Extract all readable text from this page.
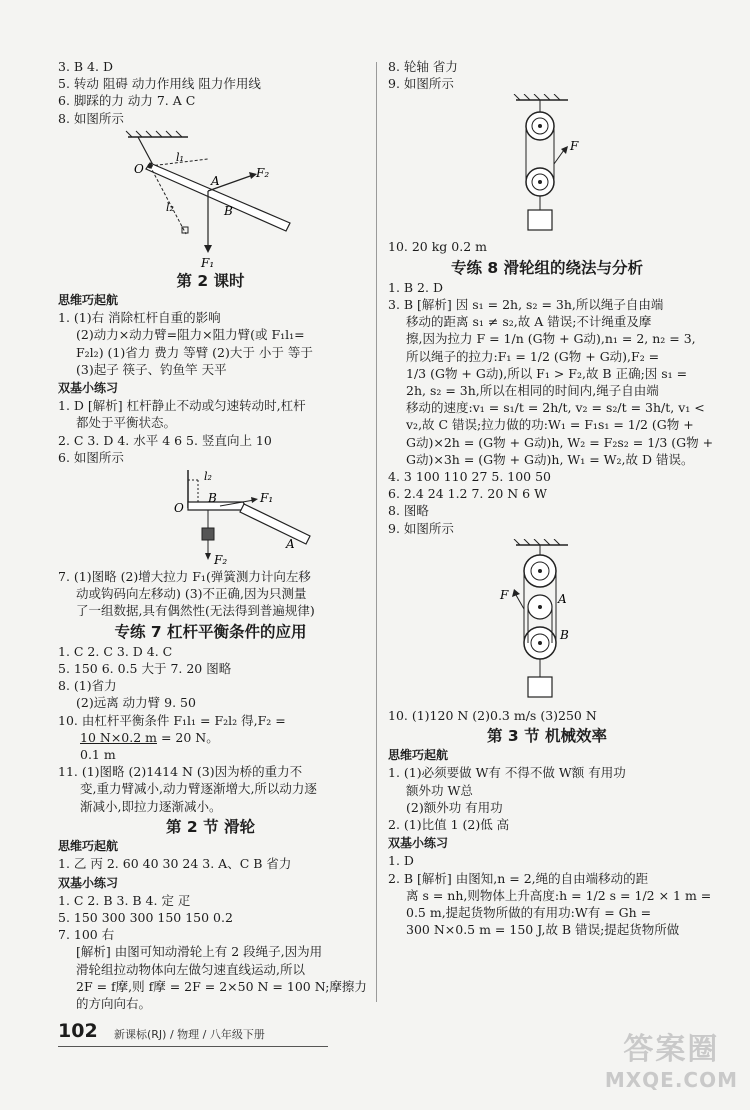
3. B 4. D
5. 转动 阻碍 动力作用线 阻力作用线
6. 脚踩的力 动力 7. A C
8. 如图所示
O
l₁
A
F₂
l₂	B
F₁
第 2 课时
思维巧起航
1. (1)右 消除杠杆自重的影响
(2)动力×动力臂=阻力×阻力臂(或 F₁l₁=
F₂l₂) (1)省力 费力 等臂 (2)大于 小于 等于
(3)起子 筷子、钓鱼竿 天平
双基小练习
1. D [解析] 杠杆静止不动或匀速转动时,杠杆
都处于平衡状态。
2. C 3. D 4. 水平 4 6 5. 竖直向上 10
6. 如图所示
l₂
O
B	F₁
A
F₂
7. (1)图略 (2)增大拉力 F₁(弹簧测力计向左移
动或钩码向左移动) (3)不正确,因为只测量
了一组数据,具有偶然性(无法得到普遍规律)
专练 7 杠杆平衡条件的应用
1. C 2. C 3. D 4. C
5. 150 6. 0.5 大于 7. 20 图略
8. (1)省力
(2)远离 动力臂 9. 50
10. 由杠杆平衡条件 F₁l₁ = F₂l₂ 得,F₂ =
10 N×0.2 m = 20 N。
0.1 m
11. (1)图略 (2)1414 N (3)因为桥的重力不
变,重力臂减小,动力臂逐渐增大,所以动力逐
渐减小,即拉力逐渐减小。
第 2 节 滑轮
思维巧起航
1. 乙 丙 2. 60 40 30 24 3. A、C B 省力
双基小练习
1. C 2. B 3. B 4. 定 疋
5. 150 300 300 150 150 0.2
7. 100 右
[解析] 由图可知动滑轮上有 2 段绳子,因为用
滑轮组拉动物体向左做匀速直线运动,所以
2F = f摩,则 f摩 = 2F = 2×50 N = 100 N;摩擦力
的方向向右。
8. 轮轴 省力
9. 如图所示
F
10. 20 kg 0.2 m
专练 8 滑轮组的绕法与分析
1. B 2. D
3. B [解析] 因 s₁ = 2h, s₂ = 3h,所以绳子自由端
移动的距离 s₁ ≠ s₂,故 A 错误;不计绳重及摩
擦,因为拉力 F = 1/n (G物 + G动),n₁ = 2, n₂ = 3,
所以绳子的拉力:F₁ = 1/2 (G物 + G动),F₂ =
1/3 (G物 + G动),所以 F₁ > F₂,故 B 正确;因 s₁ =
2h, s₂ = 3h,所以在相同的时间内,绳子自由端
移动的速度:v₁ = s₁/t = 2h/t, v₂ = s₂/t = 3h/t, v₁ <
v₂,故 C 错误;拉力做的功:W₁ = F₁s₁ = 1/2 (G物 +
G动)×2h = (G物 + G动)h, W₂ = F₂s₂ = 1/3 (G物 +
G动)×3h = (G物 + G动)h, W₁ = W₂,故 D 错误。
4. 3 100 110 27 5. 100 50
6. 2.4 24 1.2 7. 20 N 6 W
8. 图略
9. 如图所示
F	A
B
10. (1)120 N (2)0.3 m/s (3)250 N
第 3 节 机械效率
思维巧起航
1. (1)必须要做 W有 不得不做 W额 有用功
额外功 W总
(2)额外功 有用功
2. (1)比值 1 (2)低 高
双基小练习
1. D
2. B [解析] 由图知,n = 2,绳的自由端移动的距
离 s = nh,则物体上升高度:h = 1/2 s = 1/2 × 1 m =
0.5 m,提起货物所做的有用功:W有 = Gh =
300 N×0.5 m = 150 J,故 B 错误;提起货物所做
102 新课标(RJ) / 物理 / 八年级下册	答案圈
MXQE.COM
